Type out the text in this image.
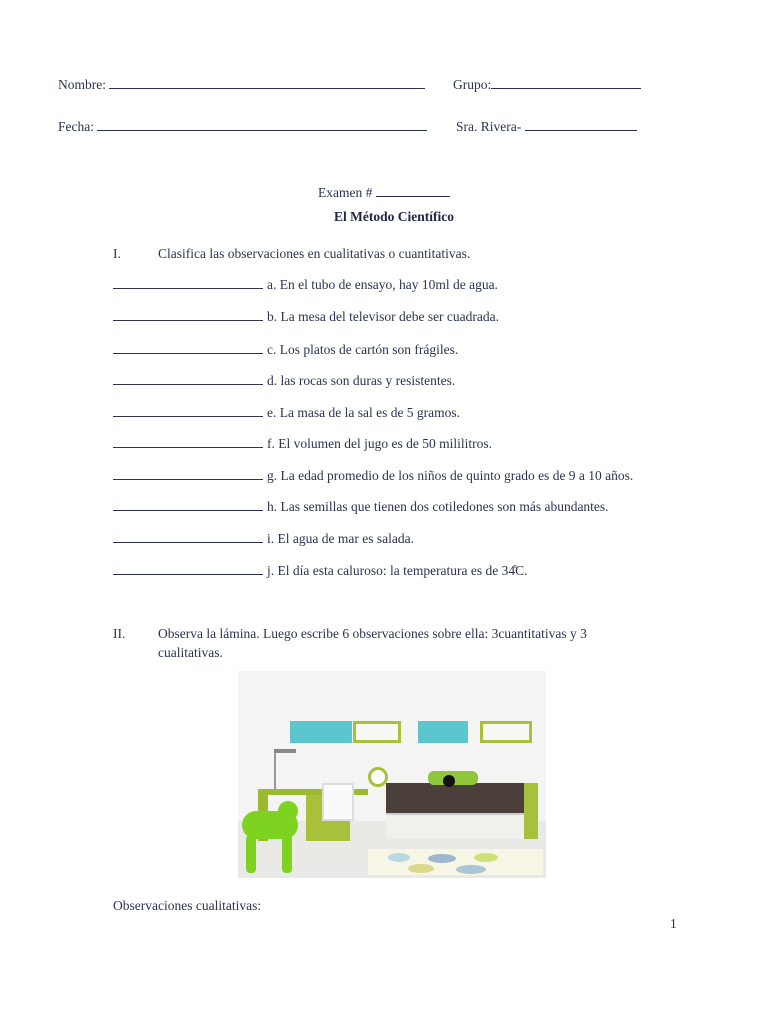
Nombre:	Grupo:
Fecha:	Sra. Rivera-
Examen #
El Método Científico
I.	Clasifica las observaciones en cualitativas o cuantitativas.
a. En el tubo de ensayo, hay 10ml de agua.
b. La mesa del televisor debe ser cuadrada.
c. Los platos de cartón son frágiles.
d. las rocas son duras y resistentes.
e. La masa de la sal es de 5 gramos.
f. El volumen del jugo es de 50 mililitros.
g. La edad promedio de los niños de quinto grado es de 9 a 10 años.
h. Las semillas que tienen dos cotiledones son más abundantes.
i. El agua de mar es salada.
j. El día esta caluroso: la temperatura es de 34̊C.
II. Observa la lámina. Luego escribe 6 observaciones sobre ella: 3cuantitativas y 3
cualitativas.
Observaciones cualitativas:
1
